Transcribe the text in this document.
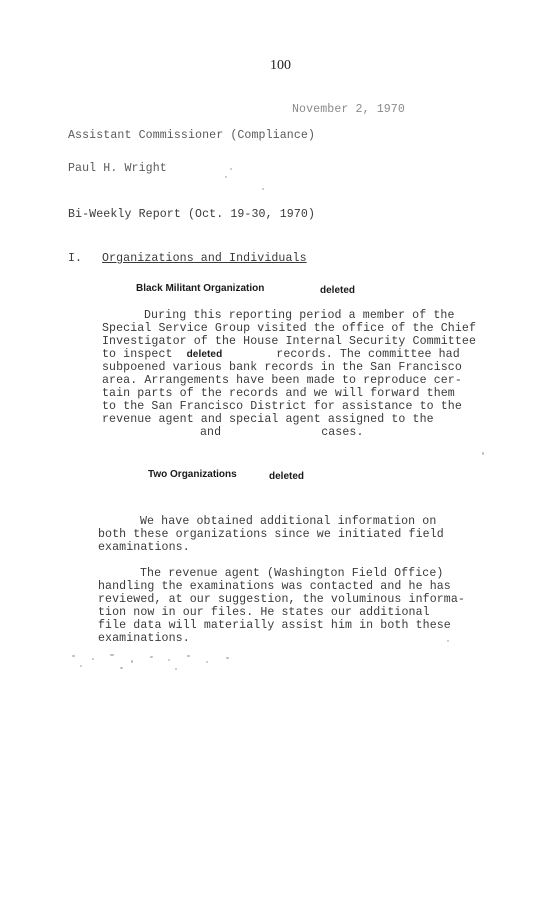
100
November 2, 1970
Assistant Commissioner (Compliance)
Paul H. Wright
Bi-Weekly Report (Oct. 19-30, 1970)
I. Organizations and Individuals
Black Militant Organization	deleted
During this reporting period a member of the
Special Service Group visited the office of the Chief
Investigator of the House Internal Security Committee
to inspect deleted	records. The committee had
subpoened various bank records in the San Francisco
area. Arrangements have been made to reproduce cer-
tain parts of the records and we will forward them
to the San Francisco District for assistance to the
revenue agent and special agent assigned to the
and	cases.
Two Organizations	deleted
We have obtained additional information on
both these organizations since we initiated field
examinations.
The revenue agent (Washington Field Office)
handling the examinations was contacted and he has
reviewed, at our suggestion, the voluminous informa-
tion now in our files. He states our additional
file data will materially assist him in both these
examinations.
